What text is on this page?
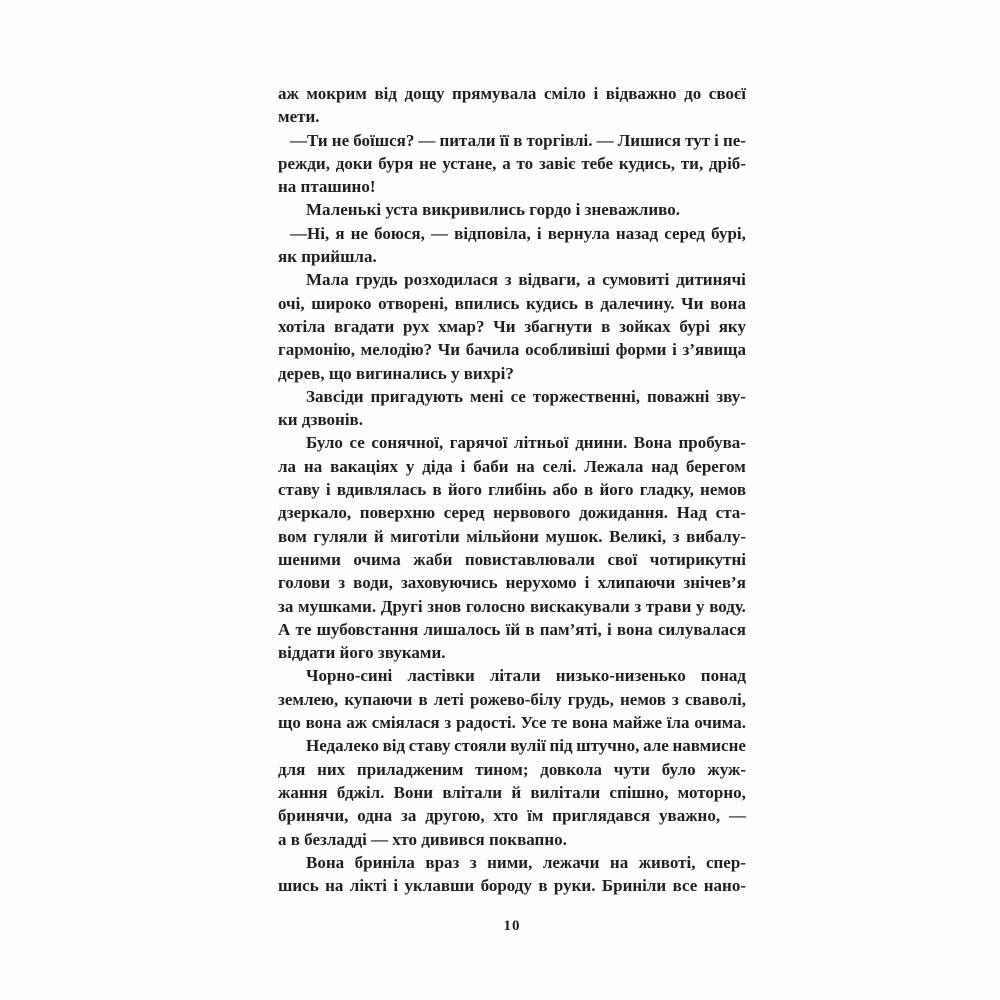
аж мокрим від дощу прямувала сміло і відважно до своєї
мети.
—Ти не боїшся? — питали її в торгівлі. — Лишися тут і пе-
режди, доки буря не устане, а то завіє тебе кудись, ти, дріб-
на пташино!
Маленькі уста викривились гордо і зневажливо.
—Ні, я не боюся, — відповіла, і вернула назад серед бурі,
як прийшла.
Мала грудь розходилася з відваги, а сумовиті дитинячі
очі, широко отворені, впились кудись в далечину. Чи вона
хотіла вгадати рух хмар? Чи збагнути в зойках бурі яку
гармонію, мелодію? Чи бачила особливіші форми і з’явища
дерев, що вигинались у вихрі?
Завсіди пригадують мені се торжественні, поважні зву-
ки дзвонів.
Було се сонячної, гарячої літньої днини. Вона пробува-
ла на вакаціях у діда і баби на селі. Лежала над берегом
ставу і вдивлялась в його глибінь або в його гладку, немов
дзеркало, поверхню серед нервового дожидання. Над ста-
вом гуляли й миготіли мільйони мушок. Великі, з вибалу-
шеними очима жаби повиставлювали свої чотирикутні
голови з води, заховуючись нерухомо і хлипаючи знічев’я
за мушками. Другі знов голосно вискакували з трави у воду.
А те шубовстання лишалось їй в пам’яті, і вона силувалася
віддати його звуками.
Чорно-сині ластівки літали низько-низенько понад
землею, купаючи в леті рожево-білу грудь, немов з сваволі,
що вона аж сміялася з радості. Усе те вона майже їла очима.
Недалеко від ставу стояли вулії під штучно, але навмисне
для них приладженим тином; довкола чути було жуж-
жання бджіл. Вони влітали й вилітали спішно, моторно,
бринячи, одна за другою, хто їм приглядався уважно, —
а в безладді — хто дивився поквапно.
Вона бриніла враз з ними, лежачи на животі, спер-
шись на лікті і уклавши бороду в руки. Бриніли все нано-
10
